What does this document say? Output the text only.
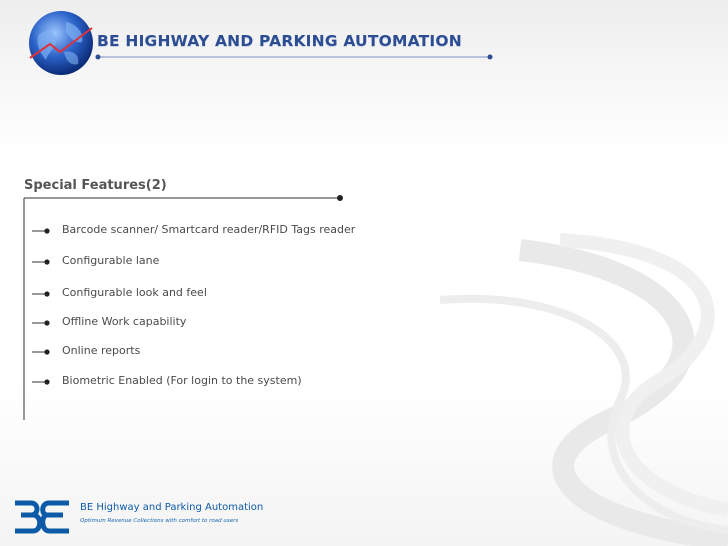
BE HIGHWAY AND PARKING AUTOMATION
Special Features(2)
Barcode scanner/ Smartcard reader/RFID Tags reader
Configurable lane
Configurable look and feel
Offline Work capability
Online reports
Biometric Enabled (For login to the system)
BE Highway and Parking Automation
Optimum Revenue Collections with comfort to road users
